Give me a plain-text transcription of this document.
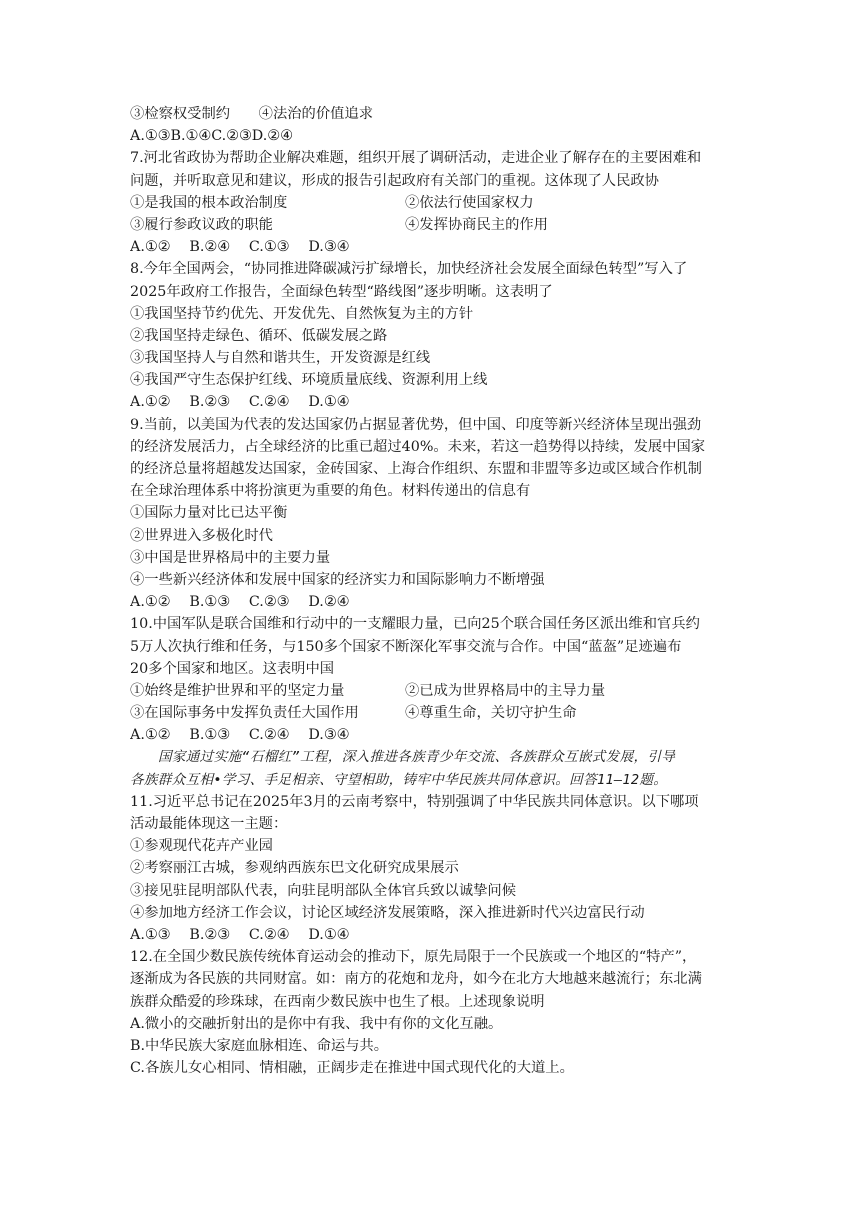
③检察权受制约　　④法治的价值追求
A.①③B.①④C.②③D.②④
7.河北省政协为帮助企业解决难题，组织开展了调研活动，走进企业了解存在的主要困难和
问题，并听取意见和建议，形成的报告引起政府有关部门的重视。这体现了人民政协
①是我国的根本政治制度	②依法行使国家权力
③履行参政议政的职能	④发挥协商民主的作用
A.①②　 B.②④　 C.①③　 D.③④
8.今年全国两会，“协同推进降碳减污扩绿增长，加快经济社会发展全面绿色转型”写入了
2025年政府工作报告，全面绿色转型“路线图”逐步明晰。这表明了
①我国坚持节约优先、开发优先、自然恢复为主的方针
②我国坚持走绿色、循环、低碳发展之路
③我国坚持人与自然和谐共生，开发资源是红线
④我国严守生态保护红线、环境质量底线、资源利用上线
A.①②　 B.②③　 C.②④　 D.①④
9.当前，以美国为代表的发达国家仍占据显著优势，但中国、印度等新兴经济体呈现出强劲
的经济发展活力，占全球经济的比重已超过40%。未来，若这一趋势得以持续，发展中国家
的经济总量将超越发达国家，金砖国家、上海合作组织、东盟和非盟等多边或区域合作机制
在全球治理体系中将扮演更为重要的角色。材料传递出的信息有
①国际力量对比已达平衡
②世界进入多极化时代
③中国是世界格局中的主要力量
④一些新兴经济体和发展中国家的经济实力和国际影响力不断增强
A.①②　 B.①③　 C.②③　 D.②④
10.中国军队是联合国维和行动中的一支耀眼力量，已向25个联合国任务区派出维和官兵约
5万人次执行维和任务，与150多个国家不断深化军事交流与合作。中国“蓝盔”足迹遍布
20多个国家和地区。这表明中国
①始终是维护世界和平的坚定力量	②已成为世界格局中的主导力量
③在国际事务中发挥负责任大国作用	④尊重生命，关切守护生命
A.①②　 B.①③　 C.②④　 D.③④
国家通过实施“石榴红”工程，深入推进各族青少年交流、各族群众互嵌式发展，引导
各族群众互相•学习、手足相亲、守望相助，铸牢中华民族共同体意识。回答11—12题。
11.习近平总书记在2025年3月的云南考察中，特别强调了中华民族共同体意识。以下哪项
活动最能体现这一主题：
①参观现代花卉产业园
②考察丽江古城，参观纳西族东巴文化研究成果展示
③接见驻昆明部队代表，向驻昆明部队全体官兵致以诚挚问候
④参加地方经济工作会议，讨论区域经济发展策略，深入推进新时代兴边富民行动
A.①③　 B.②③　 C.②④　 D.①④
12.在全国少数民族传统体育运动会的推动下，原先局限于一个民族或一个地区的“特产”，
逐渐成为各民族的共同财富。如：南方的花炮和龙舟，如今在北方大地越来越流行；东北满
族群众酷爱的珍珠球，在西南少数民族中也生了根。上述现象说明
A.微小的交融折射出的是你中有我、我中有你的文化互融。
B.中华民族大家庭血脉相连、命运与共。
C.各族儿女心相同、情相融，正阔步走在推进中国式现代化的大道上。
